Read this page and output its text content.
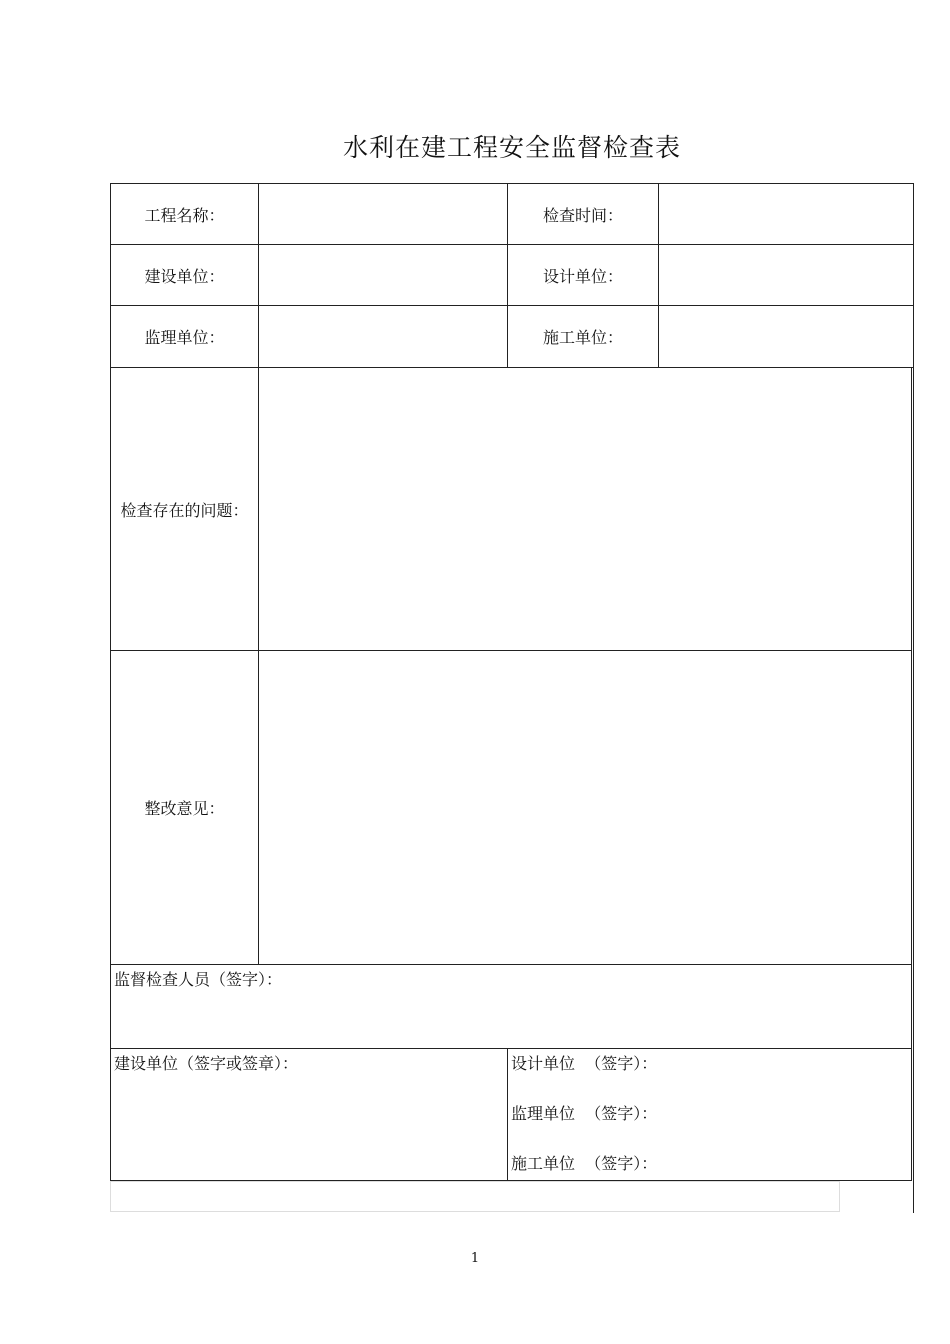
水利在建工程安全监督检查表
工程名称：	检查时间：
建设单位：	设计单位：
监理单位：	施工单位：
检查存在的问题：
整改意见：
监督检查人员（签字）：
建设单位（签字或签章）：	设计单位 （签字）：
监理单位 （签字）：
施工单位 （签字）：
1
